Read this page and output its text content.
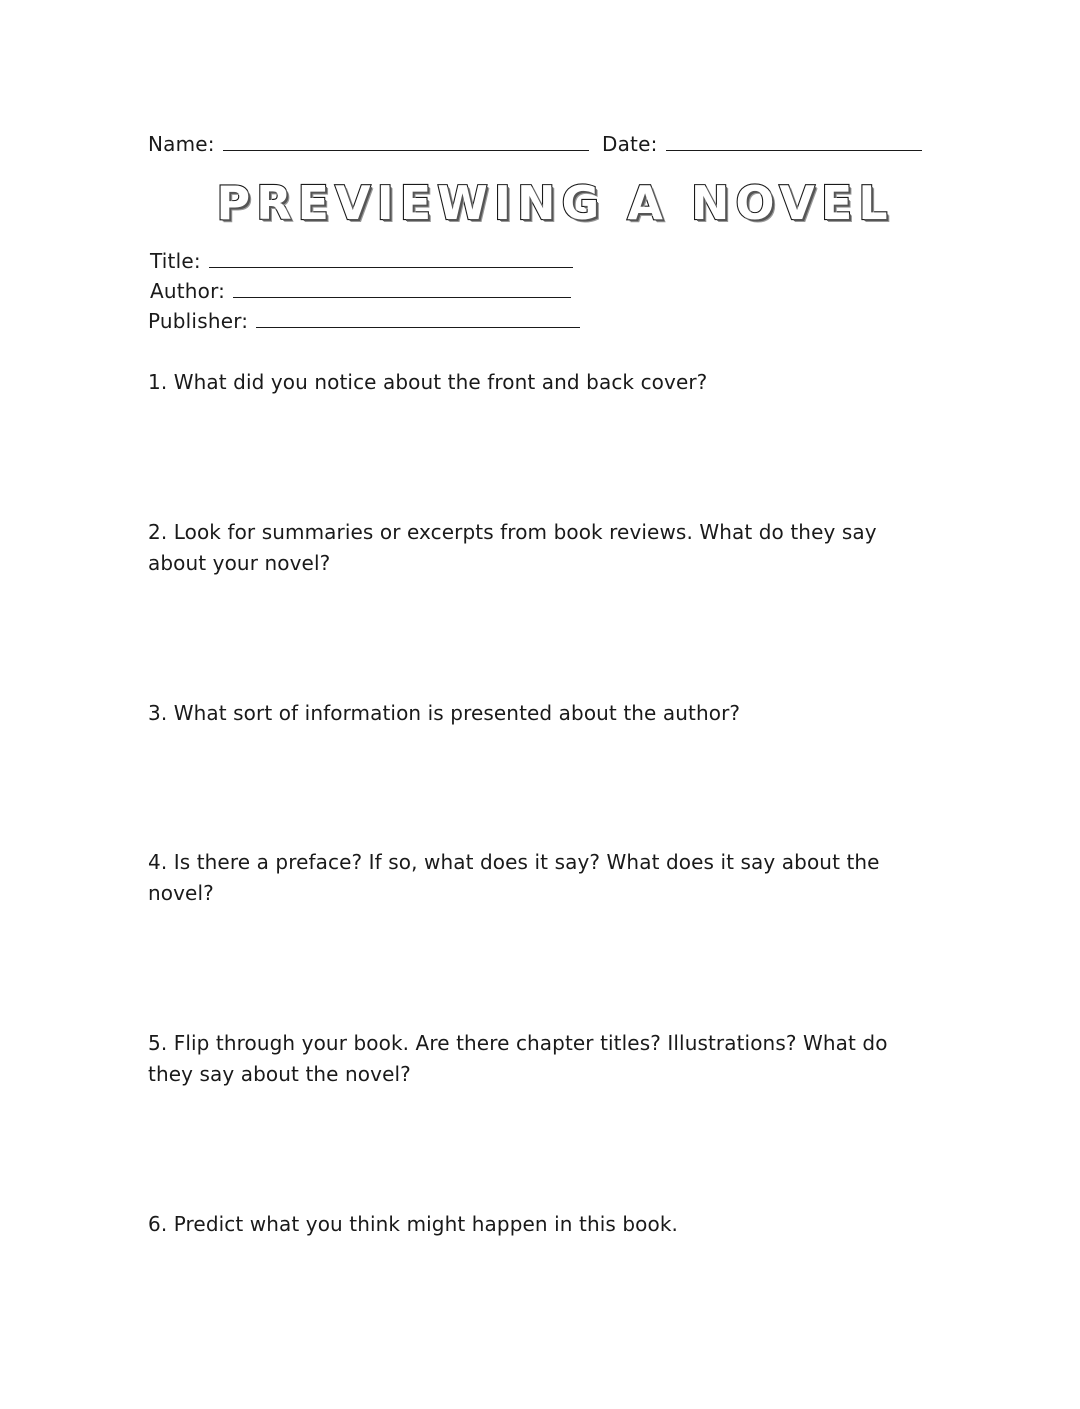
Name:	Date:
PREVIEWING A NOVEL
Title:
Author:
Publisher:
1. What did you notice about the front and back cover?
2. Look for summaries or excerpts from book reviews. What do they say about your novel?
3. What sort of information is presented about the author?
4. Is there a preface? If so, what does it say? What does it say about the novel?
5. Flip through your book. Are there chapter titles? Illustrations? What do they say about the novel?
6. Predict what you think might happen in this book.
